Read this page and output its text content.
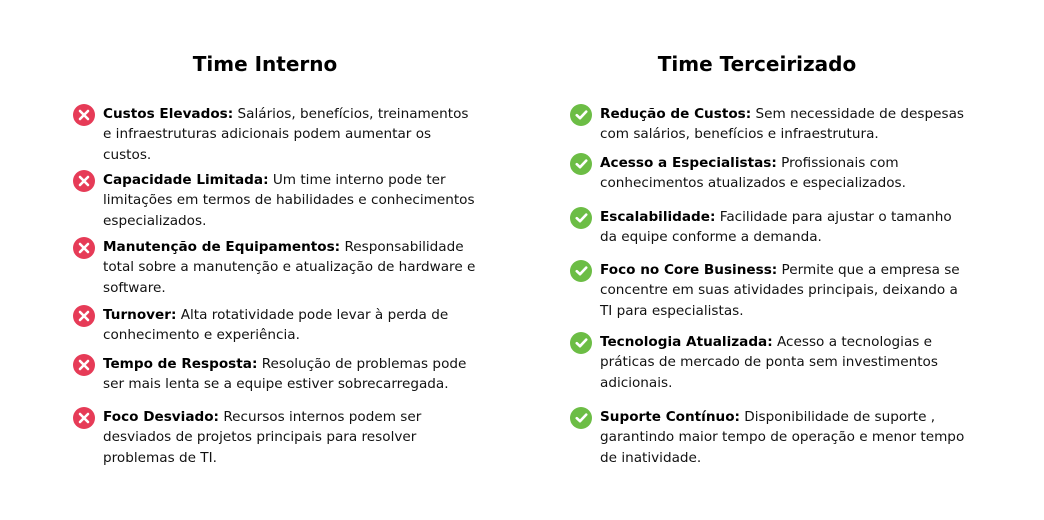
Time Interno
Custos Elevados: Salários, benefícios, treinamentos e infraestruturas adicionais podem aumentar os custos.
Capacidade Limitada: Um time interno pode ter limitações em termos de habilidades e conhecimentos especializados.
Manutenção de Equipamentos: Responsabilidade total sobre a manutenção e atualização de hardware e software.
Turnover: Alta rotatividade pode levar à perda de conhecimento e experiência.
Tempo de Resposta: Resolução de problemas pode ser mais lenta se a equipe estiver sobrecarregada.
Foco Desviado: Recursos internos podem ser desviados de projetos principais para resolver problemas de TI.
Time Terceirizado
Redução de Custos: Sem necessidade de despesas com salários, benefícios e infraestrutura.
Acesso a Especialistas: Profissionais com conhecimentos atualizados e especializados.
Escalabilidade: Facilidade para ajustar o tamanho da equipe conforme a demanda.
Foco no Core Business: Permite que a empresa se concentre em suas atividades principais, deixando a TI para especialistas.
Tecnologia Atualizada: Acesso a tecnologias e práticas de mercado de ponta sem investimentos adicionais.
Suporte Contínuo: Disponibilidade de suporte , garantindo maior tempo de operação e menor tempo de inatividade.
